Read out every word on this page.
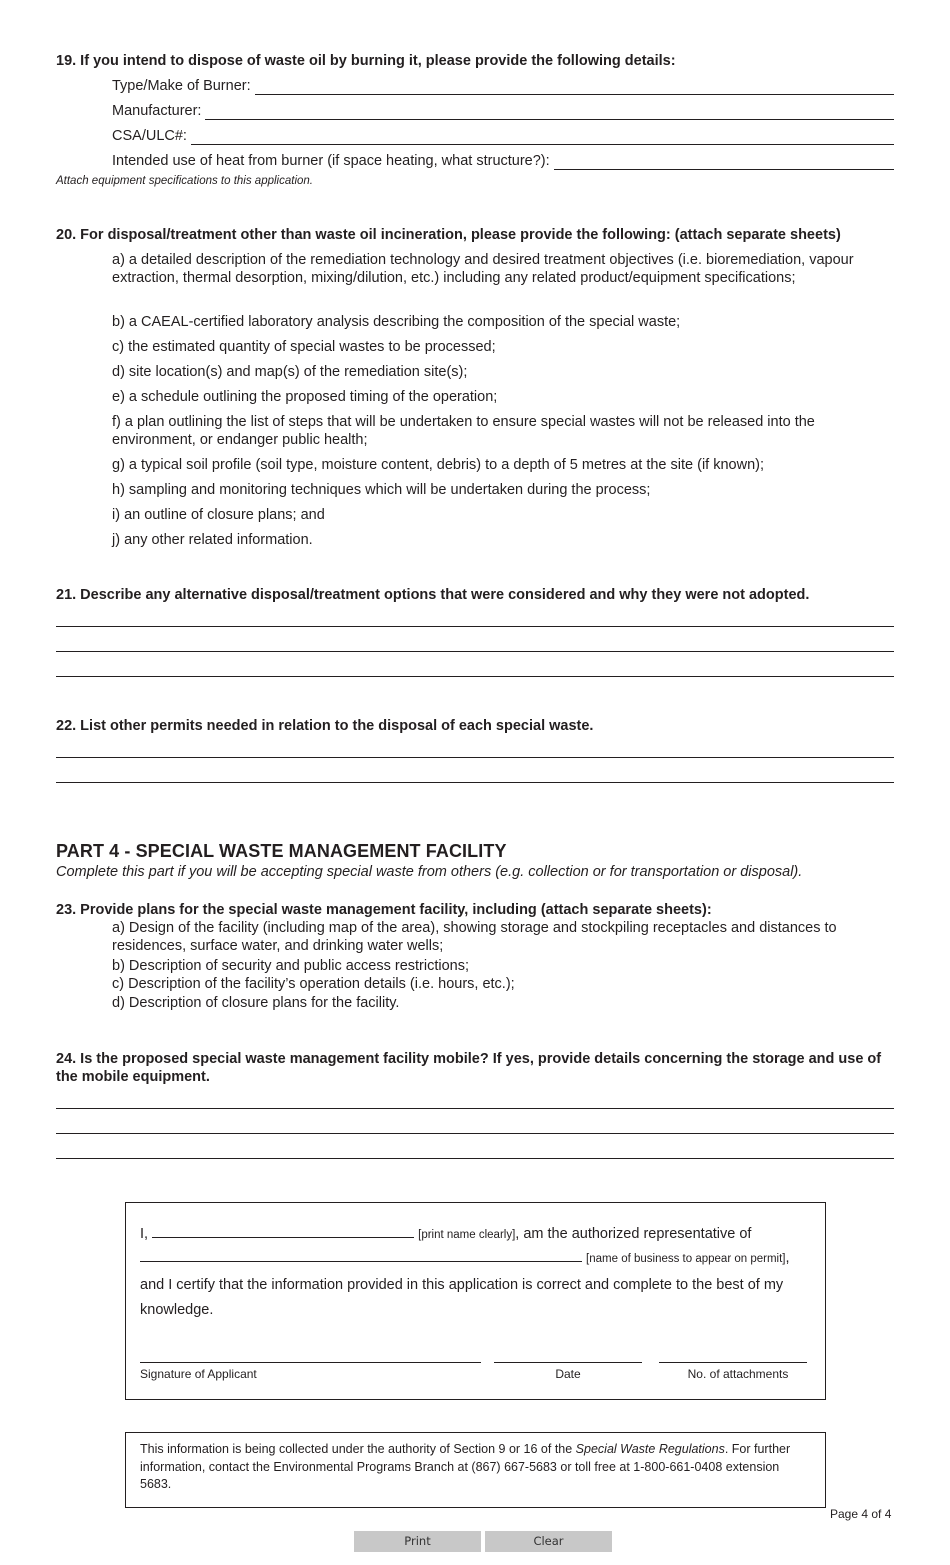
19. If you intend to dispose of waste oil by burning it, please provide the following details:
Type/Make of Burner:
Manufacturer:
CSA/ULC#:
Intended use of heat from burner (if space heating, what structure?):
Attach equipment specifications to this application.
20. For disposal/treatment other than waste oil incineration, please provide the following: (attach separate sheets)
a) a detailed description of the remediation technology and desired treatment objectives (i.e. bioremediation, vapour extraction, thermal desorption, mixing/dilution, etc.) including any related product/equipment specifications;
b) a CAEAL-certified laboratory analysis describing the composition of the special waste;
c) the estimated quantity of special wastes to be processed;
d) site location(s) and map(s) of the remediation site(s);
e) a schedule outlining the proposed timing of the operation;
f) a plan outlining the list of steps that will be undertaken to ensure special wastes will not be released into the environment, or endanger public health;
g) a typical soil profile (soil type, moisture content, debris) to a depth of 5 metres at the site (if known);
h) sampling and monitoring techniques which will be undertaken during the process;
i) an outline of closure plans; and
j) any other related information.
21. Describe any alternative disposal/treatment options that were considered and why they were not adopted.
22. List other permits needed in relation to the disposal of each special waste.
PART 4 - SPECIAL WASTE MANAGEMENT FACILITY
Complete this part if you will be accepting special waste from others (e.g. collection or for transportation or disposal).
23. Provide plans for the special waste management facility, including (attach separate sheets):
a) Design of the facility (including map of the area), showing storage and stockpiling receptacles and distances to residences, surface water, and drinking water wells;
b) Description of security and public access restrictions;
c) Description of the facility’s operation details (i.e. hours, etc.);
d) Description of closure plans for the facility.
24. Is the proposed special waste management facility mobile? If yes, provide details concerning the storage and use of the mobile equipment.
I,	[print name clearly], am the authorized representative of
[name of business to appear on permit],
and I certify that the information provided in this application is correct and complete to the best of my knowledge.
Signature of Applicant	Date	No. of attachments
This information is being collected under the authority of Section 9 or 16 of the Special Waste Regulations. For further information, contact the Environmental Programs Branch at (867) 667-5683 or toll free at 1-800-661-0408 extension 5683.
Page 4 of 4
Print	Clear
